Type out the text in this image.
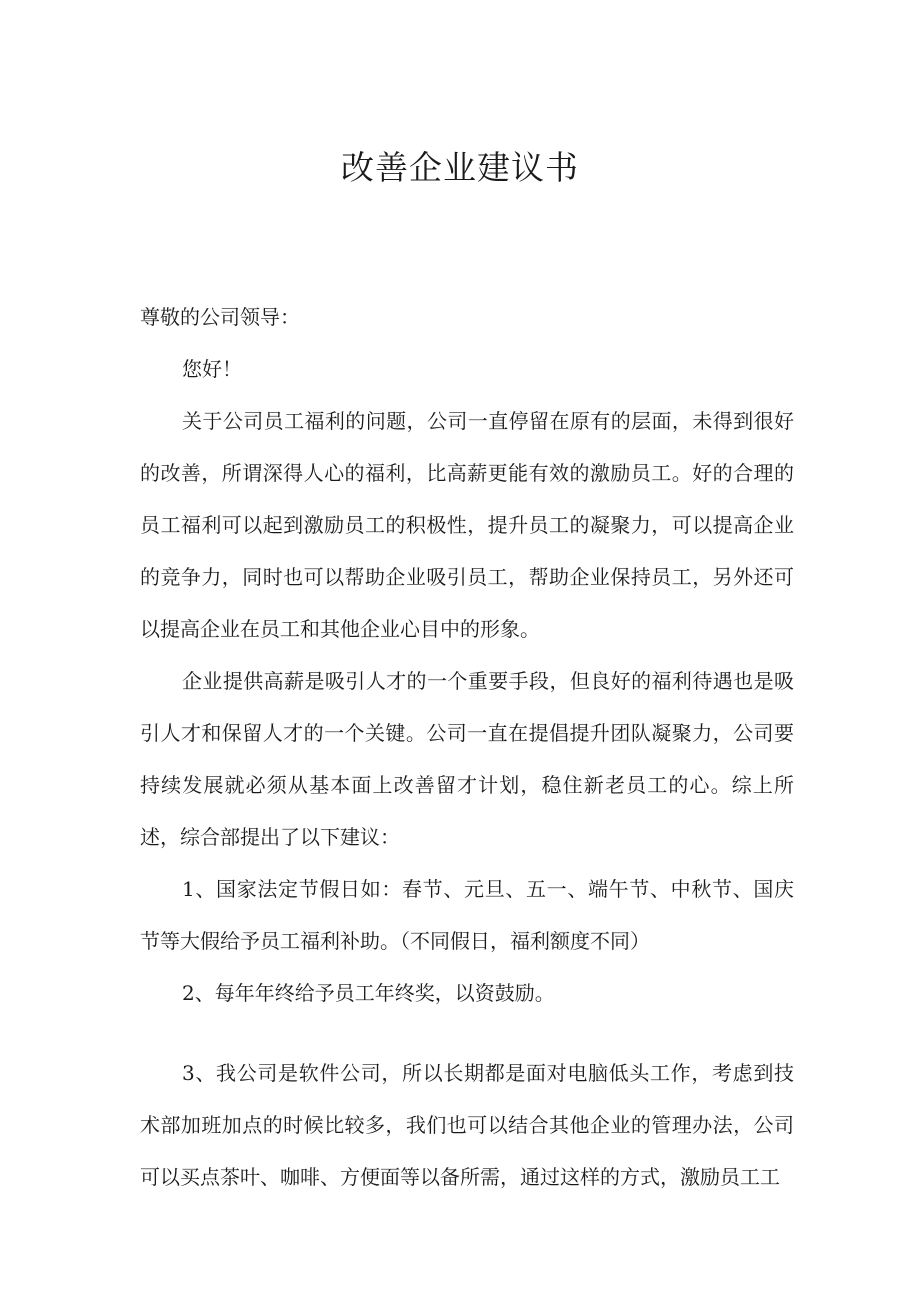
改善企业建议书

尊敬的公司领导：

您好！

关于公司员工福利的问题，公司一直停留在原有的层面，未得到很好的改善，所谓深得人心的福利，比高薪更能有效的激励员工。好的合理的员工福利可以起到激励员工的积极性，提升员工的凝聚力，可以提高企业的竞争力，同时也可以帮助企业吸引员工，帮助企业保持员工，另外还可以提高企业在员工和其他企业心目中的形象。

企业提供高薪是吸引人才的一个重要手段，但良好的福利待遇也是吸引人才和保留人才的一个关键。公司一直在提倡提升团队凝聚力，公司要持续发展就必须从基本面上改善留才计划，稳住新老员工的心。综上所述，综合部提出了以下建议：

1、国家法定节假日如：春节、元旦、五一、端午节、中秋节、国庆节等大假给予员工福利补助。（不同假日，福利额度不同）

2、每年年终给予员工年终奖，以资鼓励。

3、我公司是软件公司，所以长期都是面对电脑低头工作，考虑到技术部加班加点的时候比较多，我们也可以结合其他企业的管理办法，公司可以买点茶叶、咖啡、方便面等以备所需，通过这样的方式，激励员工工
